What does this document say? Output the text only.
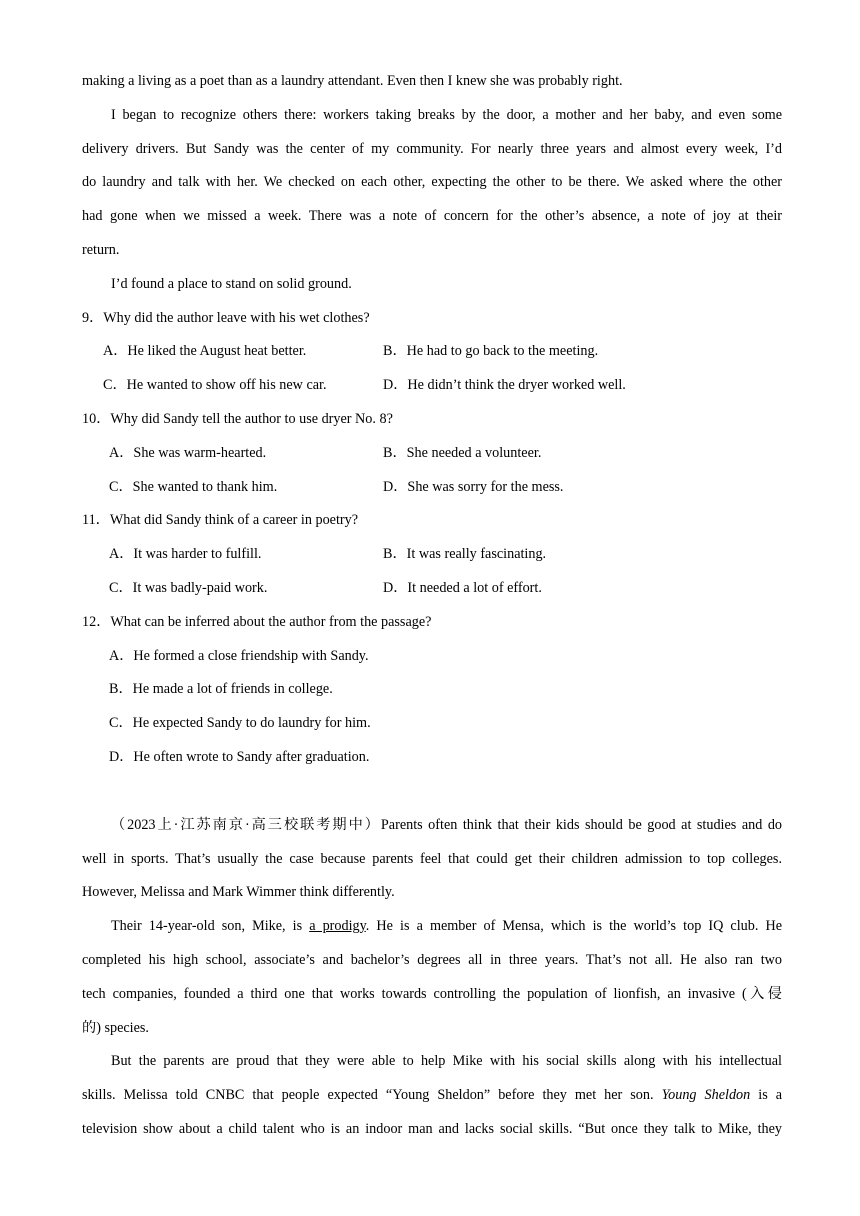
making a living as a poet than as a laundry attendant. Even then I knew she was probably right.
I began to recognize others there: workers taking breaks by the door, a mother and her baby, and even some
delivery drivers. But Sandy was the center of my community. For nearly three years and almost every week, I’d
do laundry and talk with her. We checked on each other, expecting the other to be there. We asked where the other
had gone when we missed a week. There was a note of concern for the other’s absence, a note of joy at their
return.
I’d found a place to stand on solid ground.
9．Why did the author leave with his wet clothes?
A．He liked the August heat better.	B．He had to go back to the meeting.
C．He wanted to show off his new car.	D．He didn’t think the dryer worked well.
10．Why did Sandy tell the author to use dryer No. 8?
A．She was warm-hearted.	B．She needed a volunteer.
C．She wanted to thank him.	D．She was sorry for the mess.
11．What did Sandy think of a career in poetry?
A．It was harder to fulfill.	B．It was really fascinating.
C．It was badly-paid work.	D．It needed a lot of effort.
12．What can be inferred about the author from the passage?
A．He formed a close friendship with Sandy.
B．He made a lot of friends in college.
C．He expected Sandy to do laundry for him.
D．He often wrote to Sandy after graduation.
（2023上·江苏南京·高三校联考期中）Parents often think that their kids should be good at studies and do
well in sports. That’s usually the case because parents feel that could get their children admission to top colleges.
However, Melissa and Mark Wimmer think differently.
Their 14-year-old son, Mike, is a prodigy. He is a member of Mensa, which is the world’s top IQ club. He
completed his high school, associate’s and bachelor’s degrees all in three years. That’s not all. He also ran two
tech companies, founded a third one that works towards controlling the population of lionfish, an invasive (入侵
的) species.
But the parents are proud that they were able to help Mike with his social skills along with his intellectual
skills. Melissa told CNBC that people expected “Young Sheldon” before they met her son. Young Sheldon is a
television show about a child talent who is an indoor man and lacks social skills. “But once they talk to Mike, they
